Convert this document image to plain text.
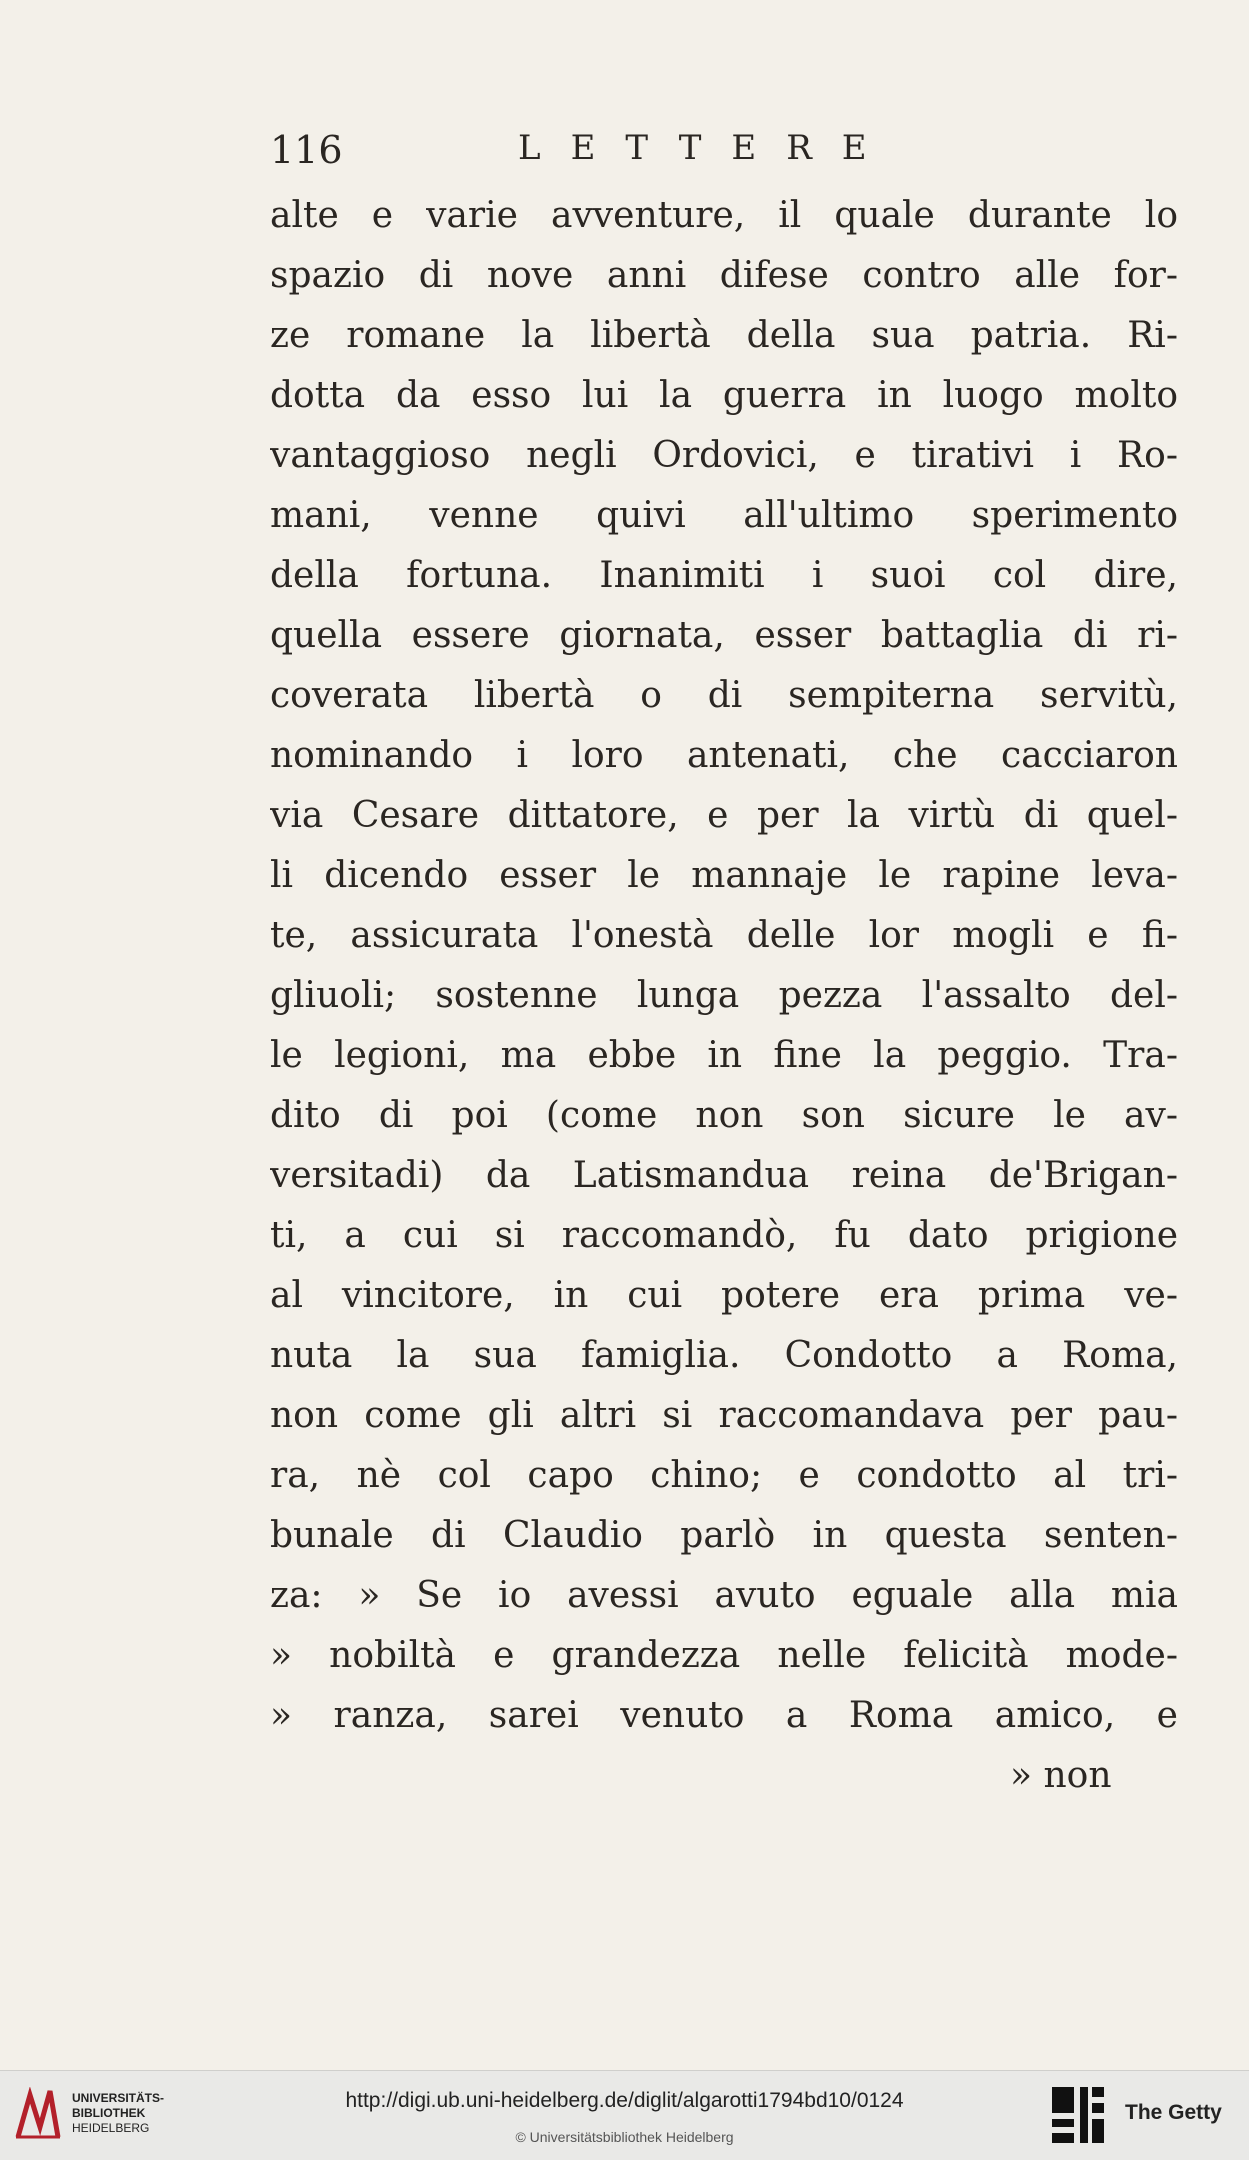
116	LETTERE
alte e varie avventure, il quale durante lo
spazio di nove anni difese contro alle for-
ze romane la libertà della sua patria. Ri-
dotta da esso lui la guerra in luogo molto
vantaggioso negli Ordovici, e tirativi i Ro-
mani, venne quivi all'ultimo sperimento
della fortuna. Inanimiti i suoi col dire,
quella essere giornata, esser battaglia di ri-
coverata libertà o di sempiterna servitù,
nominando i loro antenati, che cacciaron
via Cesare dittatore, e per la virtù di quel-
li dicendo esser le mannaje le rapine leva-
te, assicurata l'onestà delle lor mogli e fi-
gliuoli; sostenne lunga pezza l'assalto del-
le legioni, ma ebbe in fine la peggio. Tra-
dito di poi (come non son sicure le av-
versitadi) da Latismandua reina de'Brigan-
ti, a cui si raccomandò, fu dato prigione
al vincitore, in cui potere era prima ve-
nuta la sua famiglia. Condotto a Roma,
non come gli altri si raccomandava per pau-
ra, nè col capo chino; e condotto al tri-
bunale di Claudio parlò in questa senten-
za: » Se io avessi avuto eguale alla mia
» nobiltà e grandezza nelle felicità mode-
» ranza, sarei venuto a Roma amico, e
» non
UNIVERSITÄTS-
BIBLIOTHEK
HEIDELBERG
http://digi.ub.uni-heidelberg.de/diglit/algarotti1794bd10/0124
© Universitätsbibliothek Heidelberg
The Getty
